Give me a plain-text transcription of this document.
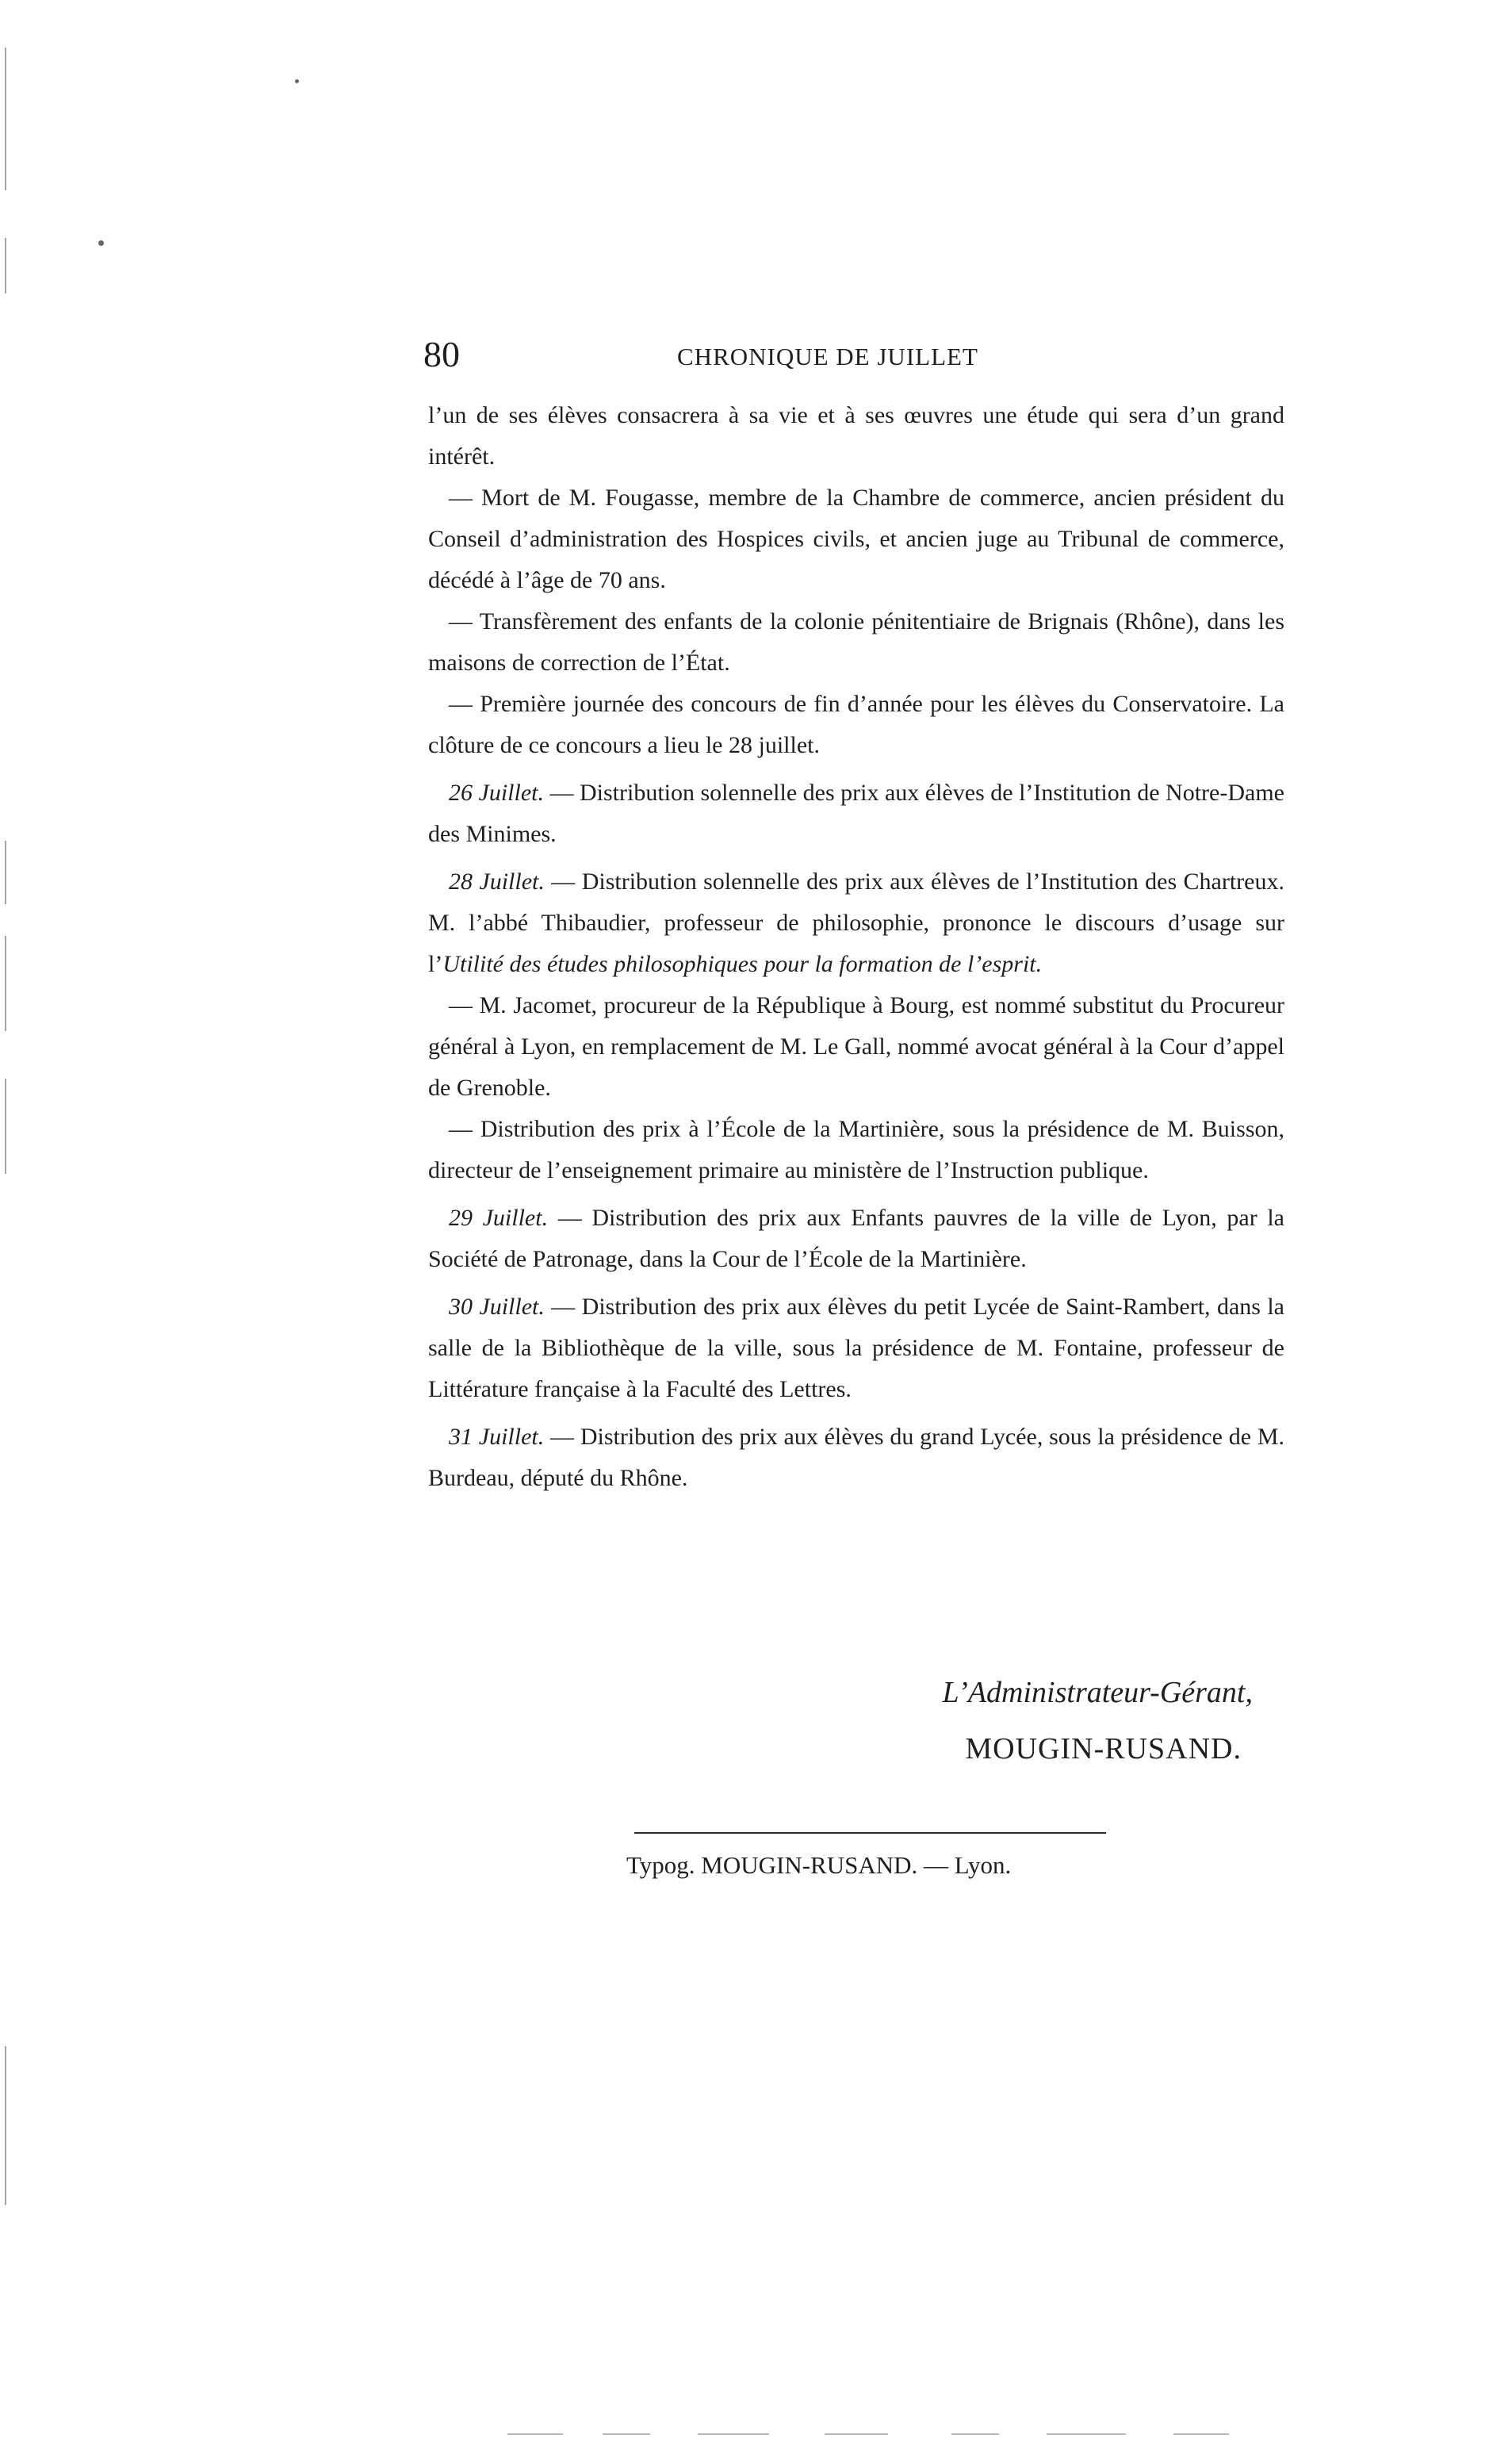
80	CHRONIQUE DE JUILLET

l’un de ses élèves consacrera à sa vie et à ses œuvres une étude qui sera d’un grand intérêt.

— Mort de M. Fougasse, membre de la Chambre de commerce, ancien président du Conseil d’administration des Hospices civils, et ancien juge au Tribunal de commerce, décédé à l’âge de 70 ans.

— Transfèrement des enfants de la colonie pénitentiaire de Brignais (Rhône), dans les maisons de correction de l’État.

— Première journée des concours de fin d’année pour les élèves du Conservatoire. La clôture de ce concours a lieu le 28 juillet.

26 Juillet. — Distribution solennelle des prix aux élèves de l’Institution de Notre-Dame des Minimes.

28 Juillet. — Distribution solennelle des prix aux élèves de l’Institution des Chartreux. M. l’abbé Thibaudier, professeur de philosophie, prononce le discours d’usage sur l’Utilité des études philosophiques pour la formation de l’esprit.

— M. Jacomet, procureur de la République à Bourg, est nommé substitut du Procureur général à Lyon, en remplacement de M. Le Gall, nommé avocat général à la Cour d’appel de Grenoble.

— Distribution des prix à l’École de la Martinière, sous la présidence de M. Buisson, directeur de l’enseignement primaire au ministère de l’Instruction publique.

29 Juillet. — Distribution des prix aux Enfants pauvres de la ville de Lyon, par la Société de Patronage, dans la Cour de l’École de la Martinière.

30 Juillet. — Distribution des prix aux élèves du petit Lycée de Saint-Rambert, dans la salle de la Bibliothèque de la ville, sous la présidence de M. Fontaine, professeur de Littérature française à la Faculté des Lettres.

31 Juillet. — Distribution des prix aux élèves du grand Lycée, sous la présidence de M. Burdeau, député du Rhône.

L’Administrateur-Gérant,
MOUGIN-RUSAND.
Typog. MOUGIN-RUSAND. — Lyon.
